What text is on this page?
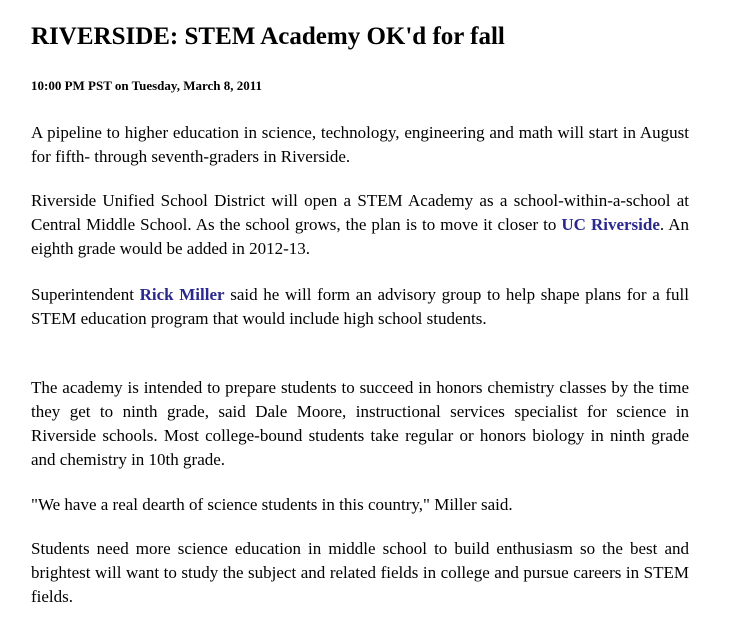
RIVERSIDE: STEM Academy OK'd for fall

10:00 PM PST on Tuesday, March 8, 2011

A pipeline to higher education in science, technology, engineering and math will start in August for fifth- through seventh-graders in Riverside.

Riverside Unified School District will open a STEM Academy as a school-within-a-school at Central Middle School. As the school grows, the plan is to move it closer to UC Riverside. An eighth grade would be added in 2012-13.

Superintendent Rick Miller said he will form an advisory group to help shape plans for a full STEM education program that would include high school students.

The academy is intended to prepare students to succeed in honors chemistry classes by the time they get to ninth grade, said Dale Moore, instructional services specialist for science in Riverside schools. Most college-bound students take regular or honors biology in ninth grade and chemistry in 10th grade.

"We have a real dearth of science students in this country," Miller said.

Students need more science education in middle school to build enthusiasm so the best and brightest will want to study the subject and related fields in college and pursue careers in STEM fields.
